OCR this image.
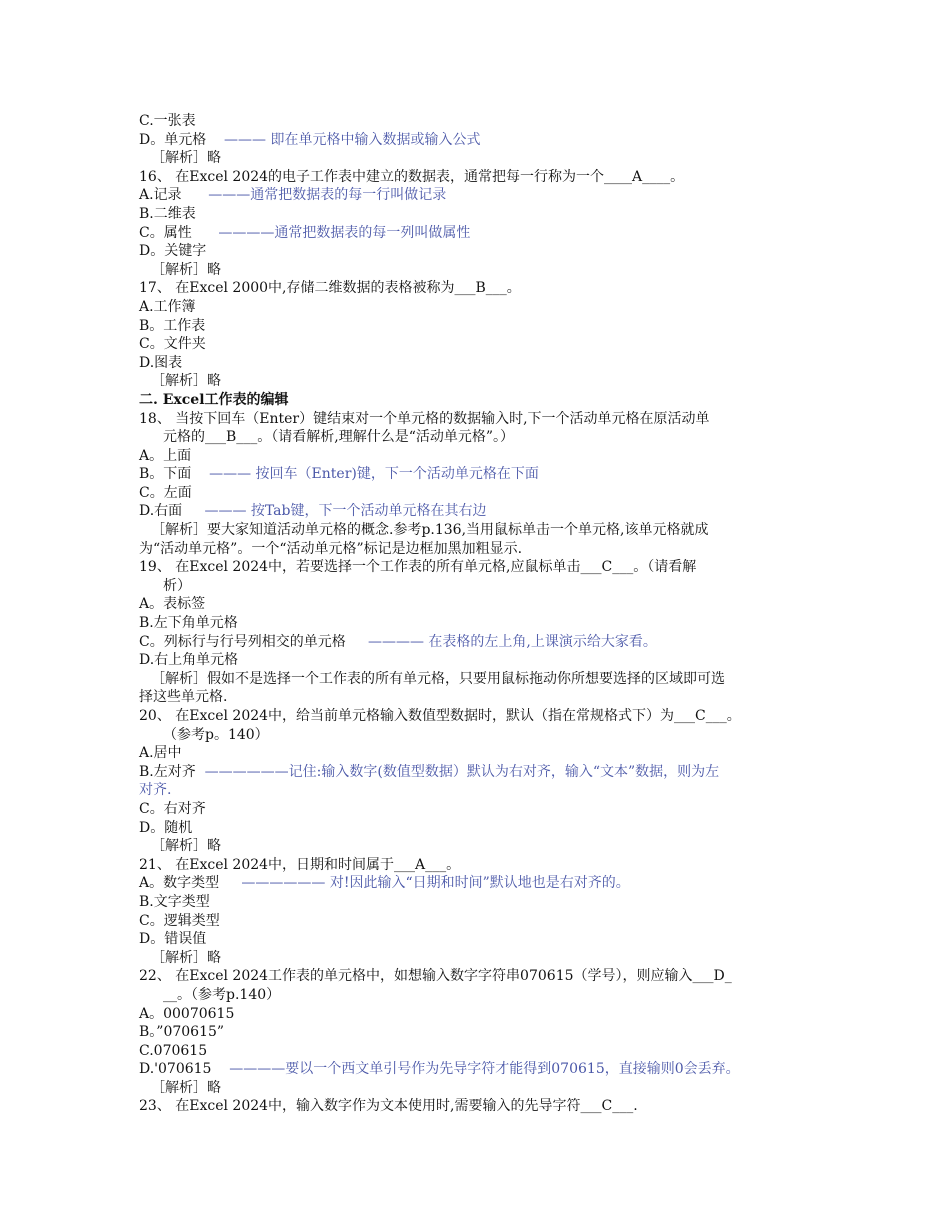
C.一张表
D。单元格    ——— 即在单元格中输入数据或输入公式
［解析］略
16、 在Excel 2024的电子工作表中建立的数据表，通常把每一行称为一个____A____。
A.记录      ———通常把数据表的每一行叫做记录
B.二维表
C。属性      ————通常把数据表的每一列叫做属性
D。关键字
［解析］略
17、 在Excel 2000中,存储二维数据的表格被称为___B___。
A.工作簿
B。工作表
C。文件夹
D.图表
［解析］略
二. Excel工作表的编辑
18、 当按下回车（Enter）键结束对一个单元格的数据输入时,下一个活动单元格在原活动单
元格的___B___。（请看解析,理解什么是“活动单元格”。）
A。上面
B。下面    ——— 按回车（Enter)键，下一个活动单元格在下面
C。左面
D.右面     ——— 按Tab键，下一个活动单元格在其右边
［解析］要大家知道活动单元格的概念.参考p.136,当用鼠标单击一个单元格,该单元格就成
为“活动单元格”。一个“活动单元格”标记是边框加黑加粗显示.
19、 在Excel 2024中，若要选择一个工作表的所有单元格,应鼠标单击___C___。（请看解
析）
A。表标签
B.左下角单元格
C。列标行与行号列相交的单元格     ———— 在表格的左上角,上课演示给大家看。
D.右上角单元格
［解析］假如不是选择一个工作表的所有单元格，只要用鼠标拖动你所想要选择的区域即可选
择这些单元格.
20、 在Excel 2024中，给当前单元格输入数值型数据时，默认（指在常规格式下）为___C___。
（参考p。140）
A.居中
B.左对齐  ——————记住:输入数字(数值型数据）默认为右对齐，输入“文本”数据，则为左
对齐.
C。右对齐
D。随机
［解析］略
21、 在Excel 2024中，日期和时间属于___A___。
A。数字类型     —————— 对!因此输入“日期和时间”默认地也是右对齐的。
B.文字类型
C。逻辑类型
D。错误值
［解析］略
22、 在Excel 2024工作表的单元格中，如想输入数字字符串070615（学号），则应输入___D_
__。（参考p.140）
A。00070615
B。”070615”
C.070615
D.'070615    ————要以一个西文单引号作为先导字符才能得到070615，直接输则0会丢弃。
［解析］略
23、 在Excel 2024中，输入数字作为文本使用时,需要输入的先导字符___C___.
